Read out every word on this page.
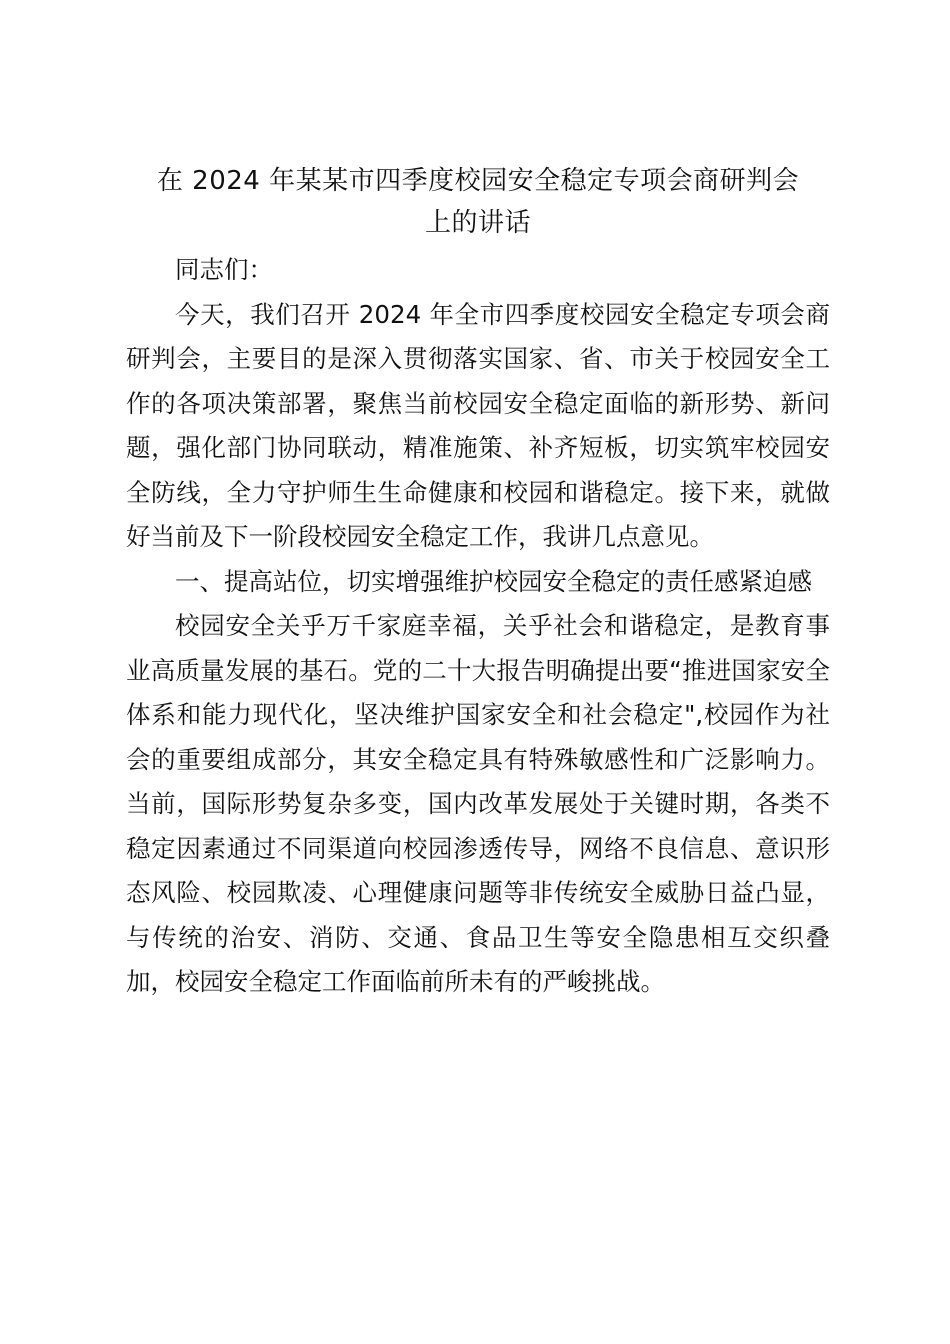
在 2024 年某某市四季度校园安全稳定专项会商研判会
上的讲话

同志们：

今天，我们召开 2024 年全市四季度校园安全稳定专项会商研判会，主要目的是深入贯彻落实国家、省、市关于校园安全工作的各项决策部署，聚焦当前校园安全稳定面临的新形势、新问题，强化部门协同联动，精准施策、补齐短板，切实筑牢校园安全防线，全力守护师生生命健康和校园和谐稳定。接下来，就做好当前及下一阶段校园安全稳定工作，我讲几点意见。

一、提高站位，切实增强维护校园安全稳定的责任感紧迫感

校园安全关乎万千家庭幸福，关乎社会和谐稳定，是教育事业高质量发展的基石。党的二十大报告明确提出要“推进国家安全体系和能力现代化，坚决维护国家安全和社会稳定",校园作为社会的重要组成部分，其安全稳定具有特殊敏感性和广泛影响力。当前，国际形势复杂多变，国内改革发展处于关键时期，各类不稳定因素通过不同渠道向校园渗透传导，网络不良信息、意识形态风险、校园欺凌、心理健康问题等非传统安全威胁日益凸显，与传统的治安、消防、交通、食品卫生等安全隐患相互交织叠加，校园安全稳定工作面临前所未有的严峻挑战。
